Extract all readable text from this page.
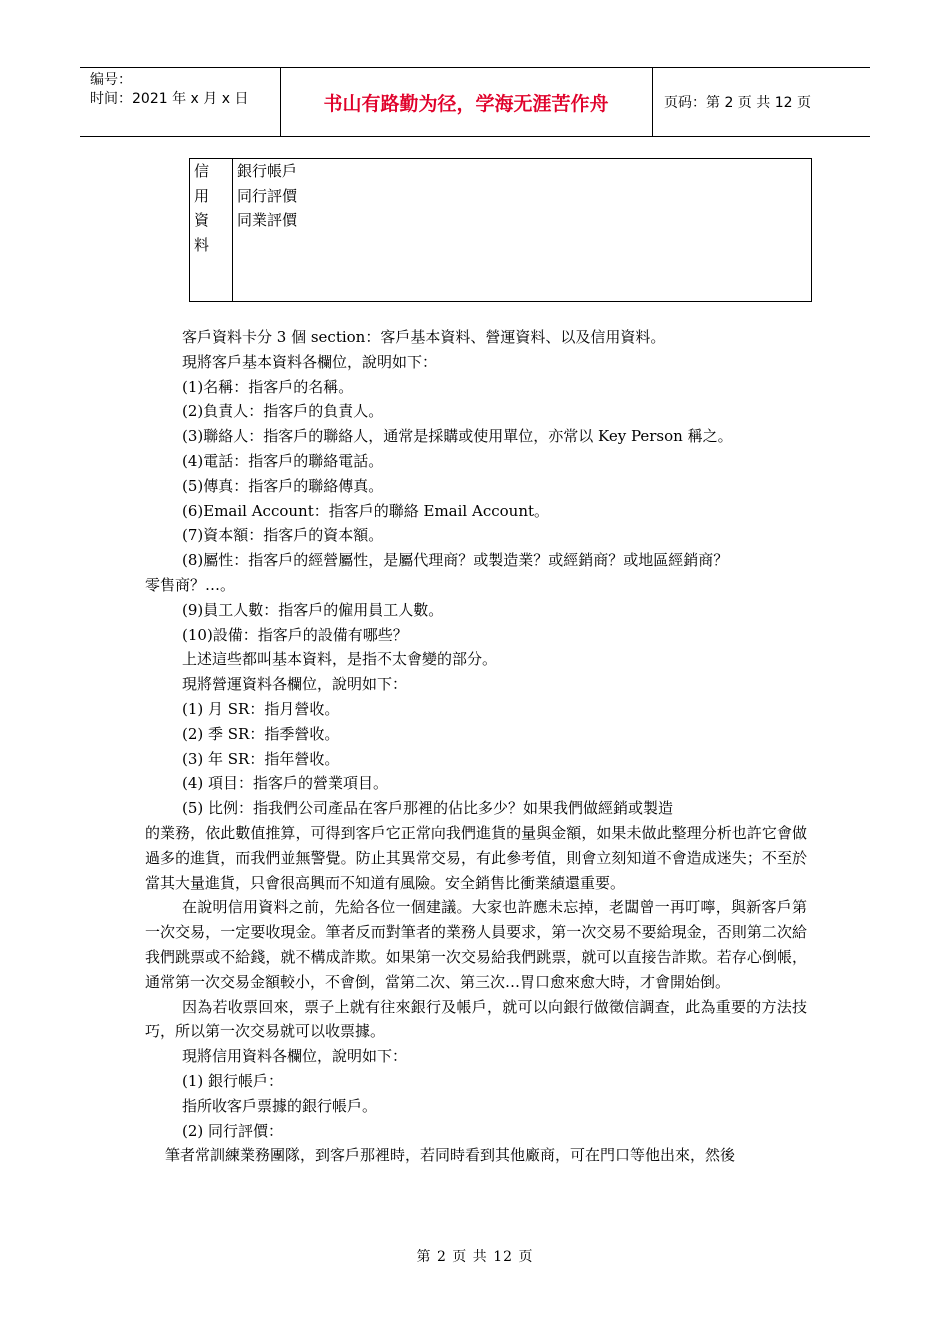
编号：
时间：2021 年 x 月 x 日	书山有路勤为径，学海无涯苦作舟	页码：第 2 页 共 12 页
信
用
資
料
銀行帳戶
同行評價
同業評價

客戶資料卡分 3 個 section：客戶基本資料、營運資料、以及信用資料。

現將客戶基本資料各欄位，說明如下：

(1)名稱：指客戶的名稱。

(2)負責人：指客戶的負責人。

(3)聯絡人：指客戶的聯絡人，通常是採購或使用單位，亦常以 Key Person 稱之。

(4)電話：指客戶的聯絡電話。

(5)傳真：指客戶的聯絡傳真。

(6)Email Account：指客戶的聯絡 Email Account。

(7)資本額：指客戶的資本額。

(8)屬性：指客戶的經營屬性，是屬代理商？或製造業？或經銷商？或地區經銷商？

零售商？…。

(9)員工人數：指客戶的僱用員工人數。

(10)設備：指客戶的設備有哪些？

上述這些都叫基本資料，是指不太會變的部分。

現將營運資料各欄位，說明如下：

(1) 月 SR：指月營收。

(2) 季 SR：指季營收。

(3) 年 SR：指年營收。

(4) 項目：指客戶的營業項目。

(5) 比例：指我們公司產品在客戶那裡的佔比多少？如果我們做經銷或製造

的業務，依此數值推算，可得到客戶它正常向我們進貨的量與金額，如果未做此整理分析也許它會做過多的進貨，而我們並無警覺。防止其異常交易，有此參考值，則會立刻知道不會造成迷失；不至於當其大量進貨，只會很高興而不知道有風險。安全銷售比衝業績還重要。

在說明信用資料之前，先給各位一個建議。大家也許應未忘掉，老闆曾一再叮嚀，與新客戶第一次交易，一定要收現金。筆者反而對筆者的業務人員要求，第一次交易不要給現金，否則第二次給我們跳票或不給錢，就不構成詐欺。如果第一次交易給我們跳票，就可以直接告詐欺。若存心倒帳，通常第一次交易金額較小，不會倒，當第二次、第三次…胃口愈來愈大時，才會開始倒。

因為若收票回來，票子上就有往來銀行及帳戶，就可以向銀行做徵信調查，此為重要的方法技巧，所以第一次交易就可以收票據。

現將信用資料各欄位，說明如下：

(1) 銀行帳戶：

指所收客戶票據的銀行帳戶。

(2) 同行評價：

筆者常訓練業務團隊，到客戶那裡時，若同時看到其他廠商，可在門口等他出來，然後

第 2 页 共 12 页
